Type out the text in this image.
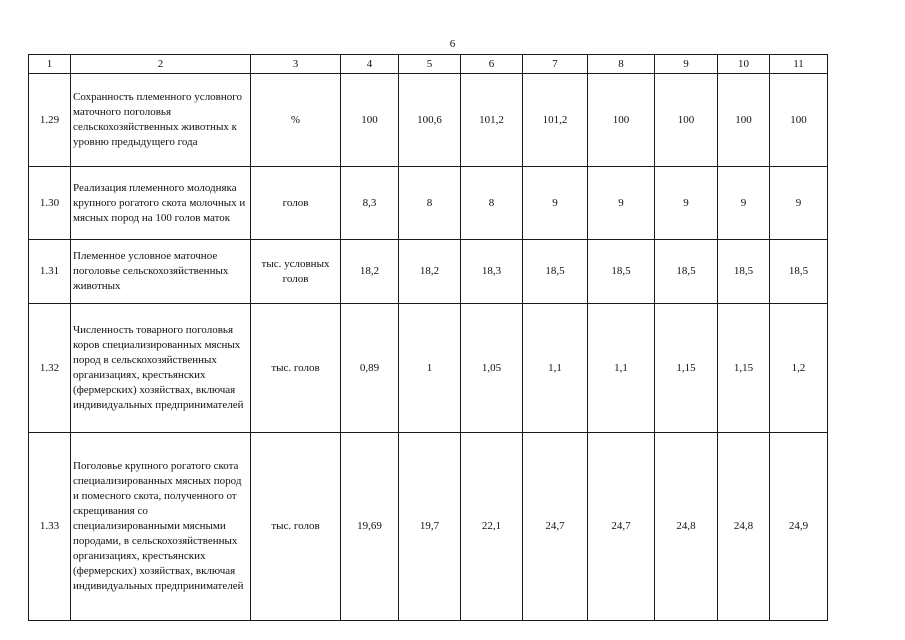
6
1	2	3	4	5	6	7	8	9	10	11
1.29	Сохранность племенного условного маточного поголовья сельскохозяйственных животных к уровню предыдущего года	%	100	100,6	101,2	101,2	100	100	100	100
1.30	Реализация племенного молодняка крупного рогатого скота молочных и мясных пород на 100 голов маток	голов	8,3	8	8	9	9	9	9	9
1.31	Племенное условное маточное поголовье сельскохозяйственных животных	тыс. условных голов	18,2	18,2	18,3	18,5	18,5	18,5	18,5	18,5
1.32	Численность товарного поголовья коров специализированных мясных пород в сельскохозяйственных организациях, крестьянских (фермерских) хозяйствах, включая индивидуальных предпринимателей	тыс. голов	0,89	1	1,05	1,1	1,1	1,15	1,15	1,2
1.33	Поголовье крупного рогатого скота специализированных мясных пород и помесного скота, полученного от скрещивания со специализированными мясными породами, в сельскохозяйственных организациях, крестьянских (фермерских) хозяйствах, включая индивидуальных предпринимателей	тыс. голов	19,69	19,7	22,1	24,7	24,7	24,8	24,8	24,9
